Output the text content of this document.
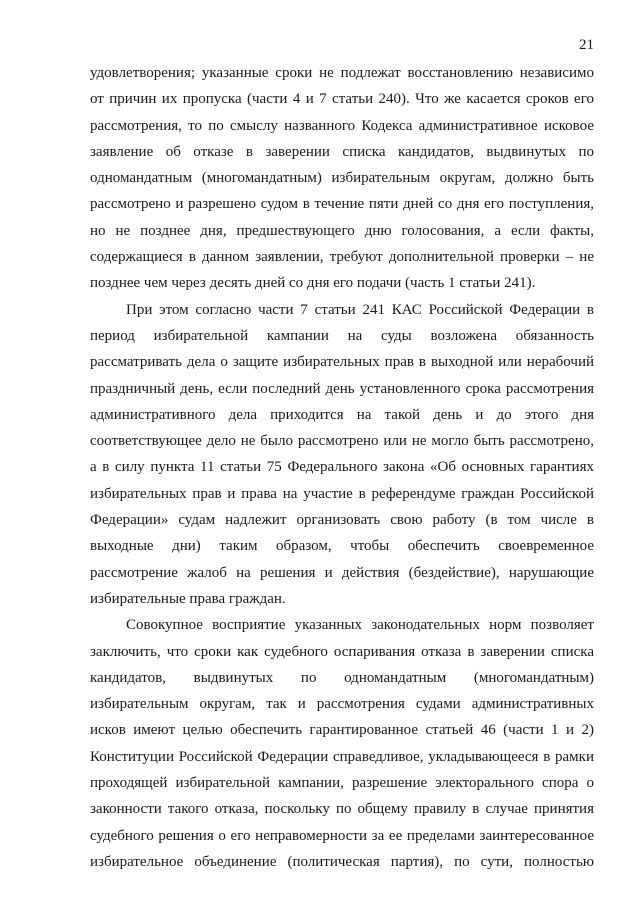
21
удовлетворения; указанные сроки не подлежат восстановлению независимо
от причин их пропуска (части 4 и 7 статьи 240). Что же касается сроков его
рассмотрения, то по смыслу названного Кодекса административное исковое
заявление об отказе в заверении списка кандидатов, выдвинутых по
одномандатным (многомандатным) избирательным округам, должно быть
рассмотрено и разрешено судом в течение пяти дней со дня его поступления,
но не позднее дня, предшествующего дню голосования, а если факты,
содержащиеся в данном заявлении, требуют дополнительной проверки – не
позднее чем через десять дней со дня его подачи (часть 1 статьи 241).
При этом согласно части 7 статьи 241 КАС Российской Федерации в
период избирательной кампании на суды возложена обязанность
рассматривать дела о защите избирательных прав в выходной или нерабочий
праздничный день, если последний день установленного срока рассмотрения
административного дела приходится на такой день и до этого дня
соответствующее дело не было рассмотрено или не могло быть рассмотрено,
а в силу пункта 11 статьи 75 Федерального закона «Об основных гарантиях
избирательных прав и права на участие в референдуме граждан Российской
Федерации» судам надлежит организовать свою работу (в том числе в
выходные дни) таким образом, чтобы обеспечить своевременное
рассмотрение жалоб на решения и действия (бездействие), нарушающие
избирательные права граждан.
Совокупное восприятие указанных законодательных норм позволяет
заключить, что сроки как судебного оспаривания отказа в заверении списка
кандидатов, выдвинутых по одномандатным (многомандатным)
избирательным округам, так и рассмотрения судами административных
исков имеют целью обеспечить гарантированное статьей 46 (части 1 и 2)
Конституции Российской Федерации справедливое, укладывающееся в рамки
проходящей избирательной кампании, разрешение электорального спора о
законности такого отказа, поскольку по общему правилу в случае принятия
судебного решения о его неправомерности за ее пределами заинтересованное
избирательное объединение (политическая партия), по сути, полностью
